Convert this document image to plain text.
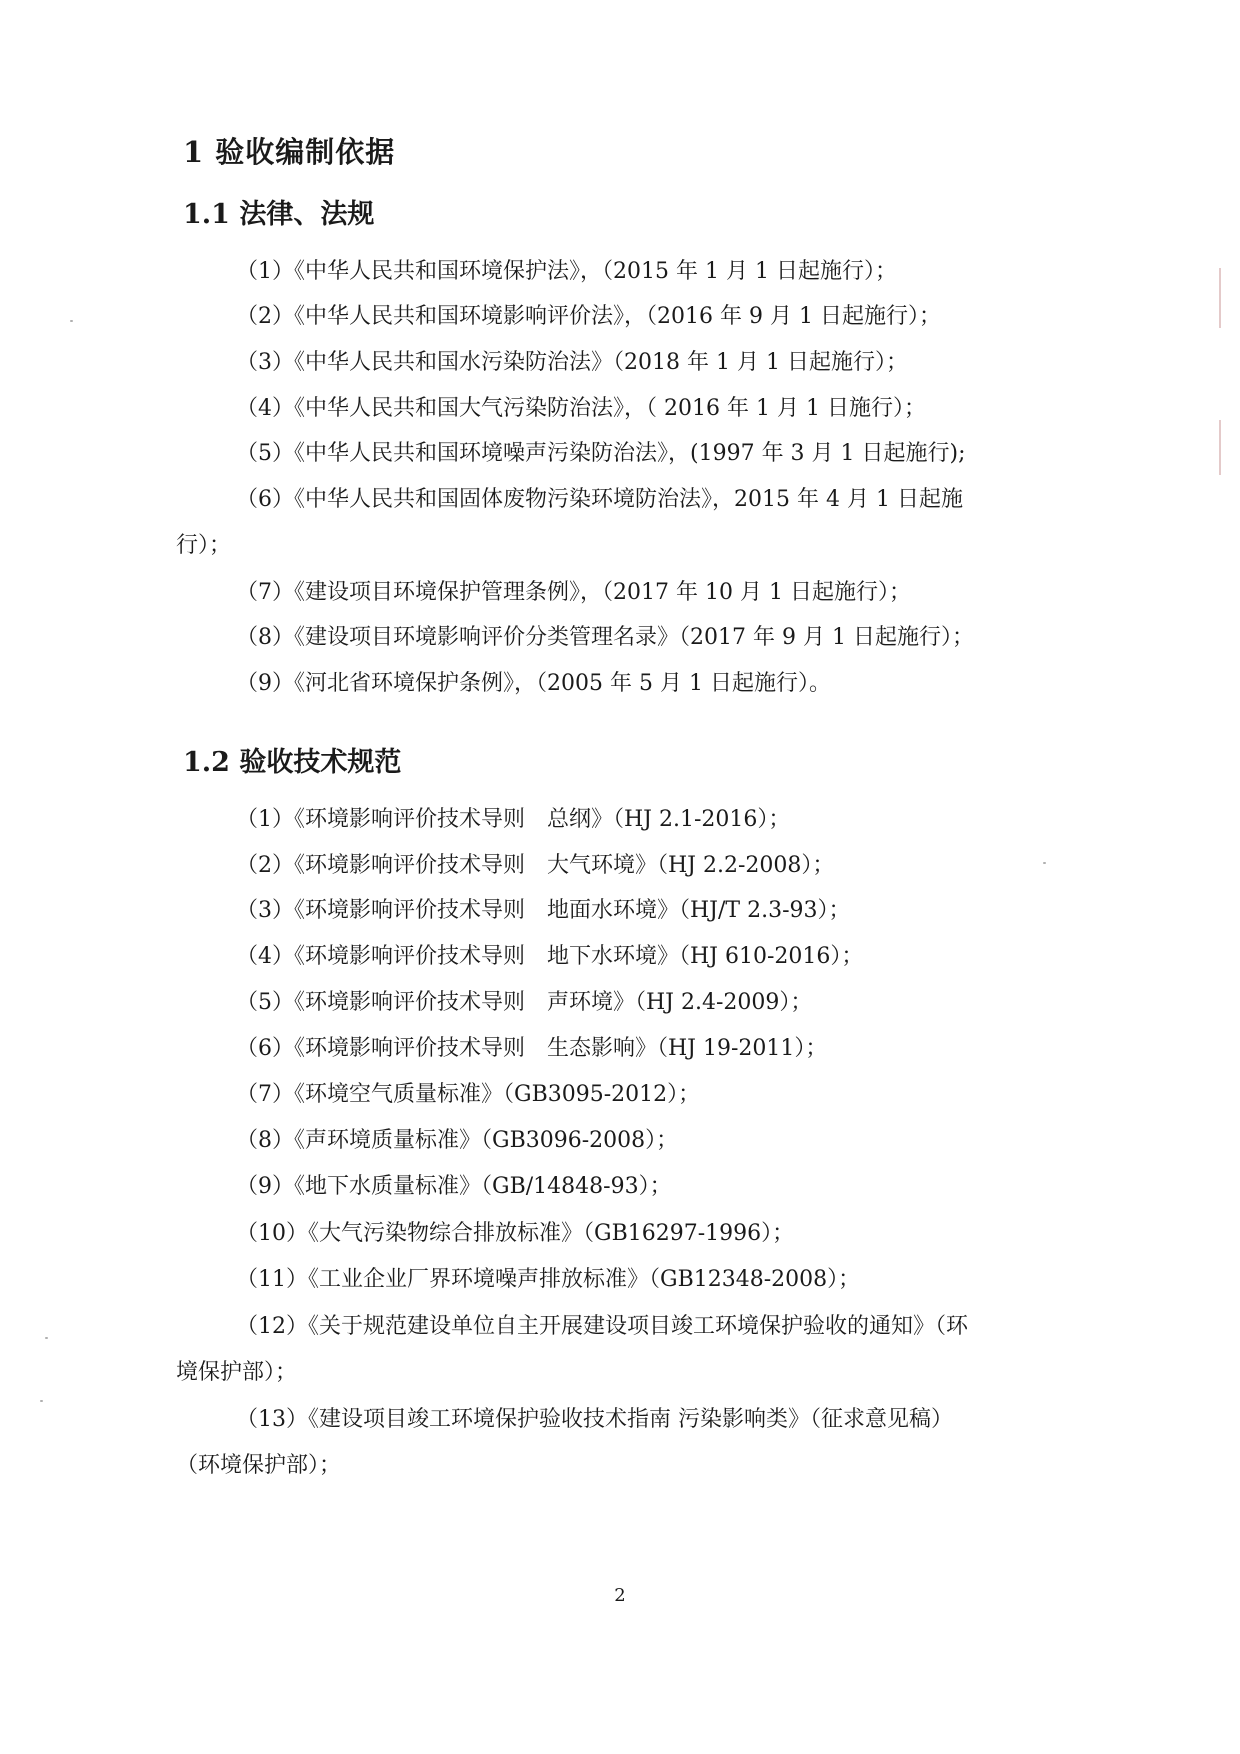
1 验收编制依据
1.1 法律、法规
（1）《中华人民共和国环境保护法》，（2015 年 1 月 1 日起施行）；
（2）《中华人民共和国环境影响评价法》，（2016 年 9 月 1 日起施行）；
（3）《中华人民共和国水污染防治法》（2018 年 1 月 1 日起施行）；
（4）《中华人民共和国大气污染防治法》，（ 2016 年 1 月 1 日施行）；
（5）《中华人民共和国环境噪声污染防治法》，(1997 年 3 月 1 日起施行);
（6）《中华人民共和国固体废物污染环境防治法》，2015 年 4 月 1 日起施
行）；
（7）《建设项目环境保护管理条例》，（2017 年 10 月 1 日起施行）；
（8）《建设项目环境影响评价分类管理名录》（2017 年 9 月 1 日起施行）；
（9）《河北省环境保护条例》，（2005 年 5 月 1 日起施行）。
1.2 验收技术规范
（1）《环境影响评价技术导则　总纲》（HJ 2.1-2016）；
（2）《环境影响评价技术导则　大气环境》（HJ 2.2-2008）；
（3）《环境影响评价技术导则　地面水环境》（HJ/T 2.3-93）；
（4）《环境影响评价技术导则　地下水环境》（HJ 610-2016）；
（5）《环境影响评价技术导则　声环境》（HJ 2.4-2009）；
（6）《环境影响评价技术导则　生态影响》（HJ 19-2011）；
（7）《环境空气质量标准》（GB3095-2012）；
（8）《声环境质量标准》（GB3096-2008）；
（9）《地下水质量标准》（GB/14848-93）；
（10）《大气污染物综合排放标准》（GB16297-1996）；
（11）《工业企业厂界环境噪声排放标准》（GB12348-2008）；
（12）《关于规范建设单位自主开展建设项目竣工环境保护验收的通知》（环
境保护部）；
（13）《建设项目竣工环境保护验收技术指南 污染影响类》（征求意见稿）
（环境保护部）；
2
